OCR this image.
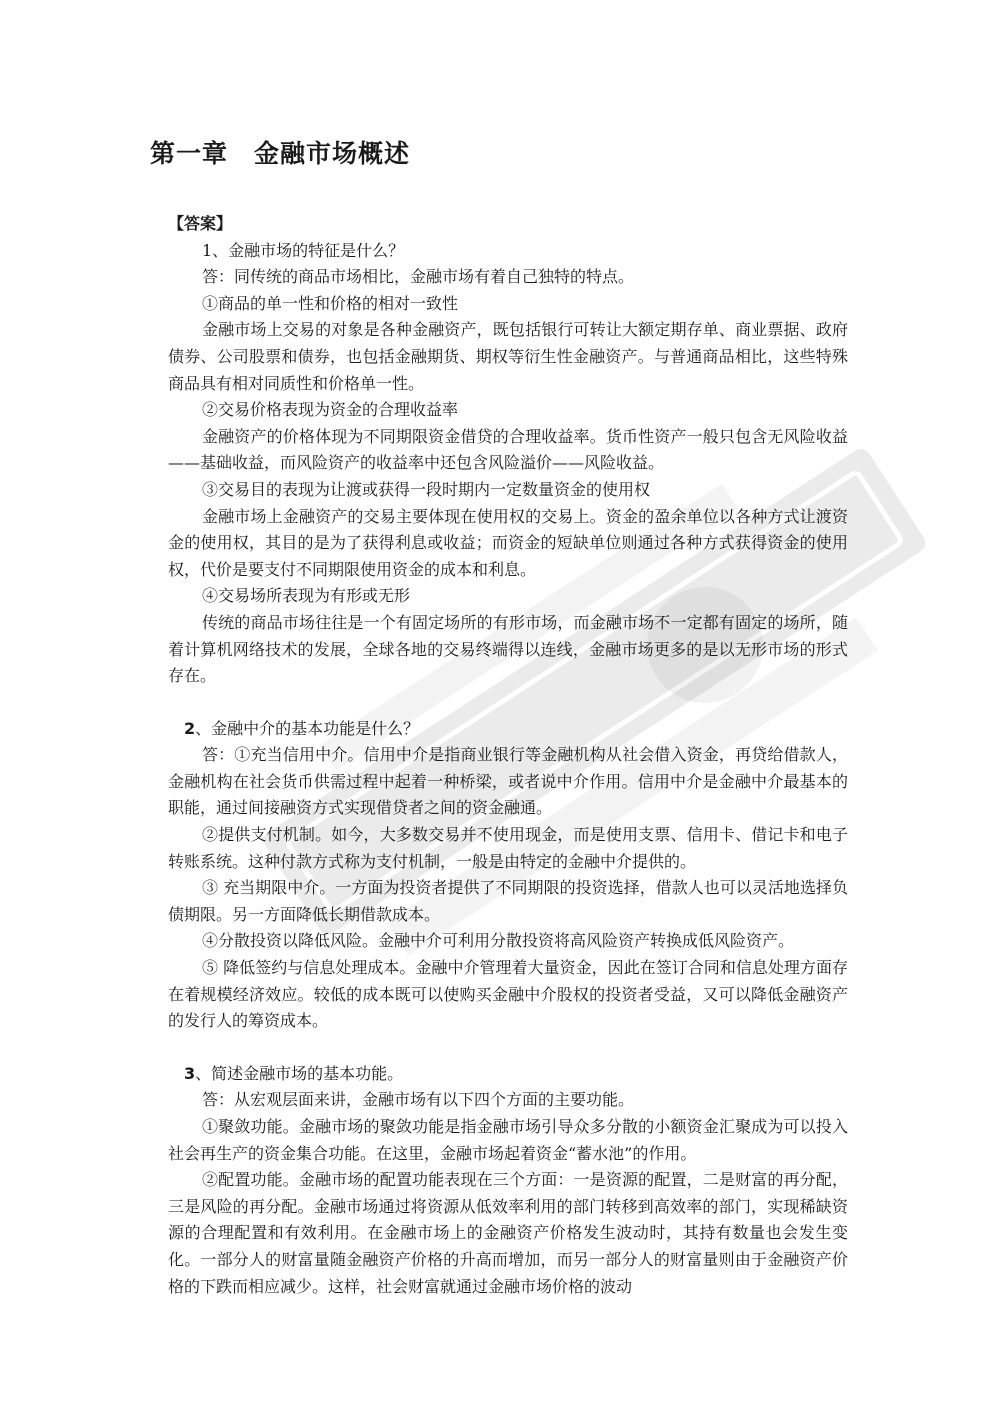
第一章　金融市场概述

【答案】

1、金融市场的特征是什么？

答：同传统的商品市场相比，金融市场有着自己独特的特点。

①商品的单一性和价格的相对一致性

金融市场上交易的对象是各种金融资产，既包括银行可转让大额定期存单、商业票据、政府债券、公司股票和债券，也包括金融期货、期权等衍生性金融资产。与普通商品相比，这些特殊商品具有相对同质性和价格单一性。

②交易价格表现为资金的合理收益率

金融资产的价格体现为不同期限资金借贷的合理收益率。货币性资产一般只包含无风险收益——基础收益，而风险资产的收益率中还包含风险溢价——风险收益。

③交易目的表现为让渡或获得一段时期内一定数量资金的使用权

金融市场上金融资产的交易主要体现在使用权的交易上。资金的盈余单位以各种方式让渡资金的使用权，其目的是为了获得利息或收益；而资金的短缺单位则通过各种方式获得资金的使用权，代价是要支付不同期限使用资金的成本和利息。

④交易场所表现为有形或无形

传统的商品市场往往是一个有固定场所的有形市场，而金融市场不一定都有固定的场所，随着计算机网络技术的发展，全球各地的交易终端得以连线，金融市场更多的是以无形市场的形式存在。

2、金融中介的基本功能是什么？

答：①充当信用中介。信用中介是指商业银行等金融机构从社会借入资金，再贷给借款人，金融机构在社会货币供需过程中起着一种桥梁，或者说中介作用。信用中介是金融中介最基本的职能，通过间接融资方式实现借贷者之间的资金融通。

②提供支付机制。如今，大多数交易并不使用现金，而是使用支票、信用卡、借记卡和电子转账系统。这种付款方式称为支付机制，一般是由特定的金融中介提供的。

③ 充当期限中介。一方面为投资者提供了不同期限的投资选择，借款人也可以灵活地选择负债期限。另一方面降低长期借款成本。

④分散投资以降低风险。金融中介可利用分散投资将高风险资产转换成低风险资产。

⑤ 降低签约与信息处理成本。金融中介管理着大量资金，因此在签订合同和信息处理方面存在着规模经济效应。较低的成本既可以使购买金融中介股权的投资者受益，又可以降低金融资产的发行人的筹资成本。

3、简述金融市场的基本功能。

答：从宏观层面来讲，金融市场有以下四个方面的主要功能。

①聚敛功能。金融市场的聚敛功能是指金融市场引导众多分散的小额资金汇聚成为可以投入社会再生产的资金集合功能。在这里，金融市场起着资金“蓄水池”的作用。

②配置功能。金融市场的配置功能表现在三个方面：一是资源的配置，二是财富的再分配，三是风险的再分配。金融市场通过将资源从低效率利用的部门转移到高效率的部门，实现稀缺资源的合理配置和有效利用。在金融市场上的金融资产价格发生波动时，其持有数量也会发生变化。一部分人的财富量随金融资产价格的升高而增加，而另一部分人的财富量则由于金融资产价格的下跌而相应减少。这样，社会财富就通过金融市场价格的波动
